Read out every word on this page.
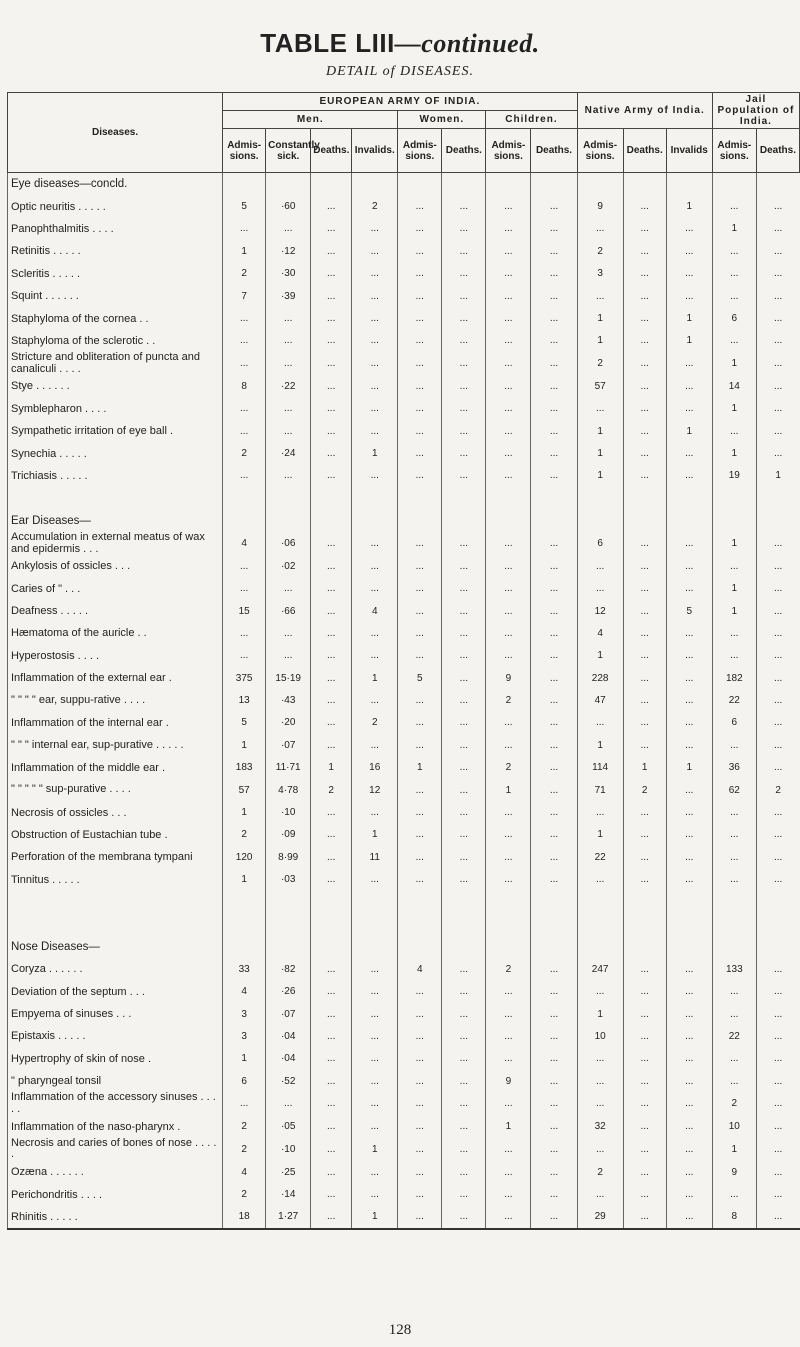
TABLE LIII—continued.
DETAIL of DISEASES.
Diseases.	EUROPEAN ARMY OF INDIA.								Native Army of India.			Jail Population of India.	
	Men.				Women.		Children.						
	Admis-sions.	Constantly sick.	Deaths.	Invalids.	Admis-sions.	Deaths.	Admis-sions.	Deaths.	Admis-sions.	Deaths.	Invalids	Admis-sions.	Deaths.
Eye diseases—concld.													
Optic neuritis . . . . .	5	·60	...	2	...	...	...	...	9	...	1	...	...
Panophthalmitis . . . .	...	...	...	...	...	...	...	...	...	...	...	1	...
Retinitis . . . . .	1	·12	...	...	...	...	...	...	2	...	...	...	...
Scleritis . . . . .	2	·30	...	...	...	...	...	...	3	...	...	...	...
Squint . . . . . .	7	·39	...	...	...	...	...	...	...	...	...	...	...
Staphyloma of the cornea . .	...	...	...	...	...	...	...	...	1	...	1	6	...
Staphyloma of the sclerotic . .	...	...	...	...	...	...	...	...	1	...	1	...	...
Stricture and obliteration of puncta and canaliculi . . . .	...	...	...	...	...	...	...	...	2	...	...	1	...
Stye . . . . . .	8	·22	...	...	...	...	...	...	57	...	...	14	...
Symblepharon . . . .	...	...	...	...	...	...	...	...	...	...	...	1	...
Sympathetic irritation of eye ball .	...	...	...	...	...	...	...	...	1	...	1	...	...
Synechia . . . . .	2	·24	...	1	...	...	...	...	1	...	...	1	...
Trichiasis . . . . .	...	...	...	...	...	...	...	...	1	...	...	19	1

Ear Diseases—													
Accumulation in external meatus of wax and epidermis . . .	4	·06	...	...	...	...	...	...	6	...	...	1	...
Ankylosis of ossicles . . .	...	·02	...	...	...	...	...	...	...	...	...	...	...
Caries of " . . .	...	...	...	...	...	...	...	...	...	...	...	1	...
Deafness . . . . .	15	·66	...	4	...	...	...	...	12	...	5	1	...
Hæmatoma of the auricle . .	...	...	...	...	...	...	...	...	4	...	...	...	...
Hyperostosis . . . .	...	...	...	...	...	...	...	...	1	...	...	...	...
Inflammation of the external ear .	375	15·19	...	1	5	...	9	...	228	...	...	182	...
" " " " ear, suppu-rative . . . .	13	·43	...	...	...	...	2	...	47	...	...	22	...
Inflammation of the internal ear .	5	·20	...	2	...	...	...	...	...	...	...	6	...
" " " internal ear, sup-purative . . . . .	1	·07	...	...	...	...	...	...	1	...	...	...	...
Inflammation of the middle ear .	183	11·71	1	16	1	...	2	...	114	1	1	36	...
" " " " " sup-purative . . . .	57	4·78	2	12	...	...	1	...	71	2	...	62	2
Necrosis of ossicles . . .	1	·10	...	...	...	...	...	...	...	...	...	...	...
Obstruction of Eustachian tube .	2	·09	...	1	...	...	...	...	1	...	...	...	...
Perforation of the membrana tympani	120	8·99	...	11	...	...	...	...	22	...	...	...	...
Tinnitus . . . . .	1	·03	...	...	...	...	...	...	...	...	...	...	...

Nose Diseases—													
Coryza . . . . . .	33	·82	...	...	4	...	2	...	247	...	...	133	...
Deviation of the septum . . .	4	·26	...	...	...	...	...	...	...	...	...	...	...
Empyema of sinuses . . .	3	·07	...	...	...	...	...	...	1	...	...	...	...
Epistaxis . . . . .	3	·04	...	...	...	...	...	...	10	...	...	22	...
Hypertrophy of skin of nose .	1	·04	...	...	...	...	...	...	...	...	...	...	...
" pharyngeal tonsil	6	·52	...	...	...	...	9	...	...	...	...	...	...
Inflammation of the accessory sinuses . . . . .	...	...	...	...	...	...	...	...	...	...	...	2	...
Inflammation of the naso-pharynx .	2	·05	...	...	...	...	1	...	32	...	...	10	...
Necrosis and caries of bones of nose . . . . .	2	·10	...	1	...	...	...	...	...	...	...	1	...
Ozæna . . . . . .	4	·25	...	...	...	...	...	...	2	...	...	9	...
Perichondritis . . . .	2	·14	...	...	...	...	...	...	...	...	...	...	...
Rhinitis . . . . .	18	1·27	...	1	...	...	...	...	29	...	...	8	...
128
